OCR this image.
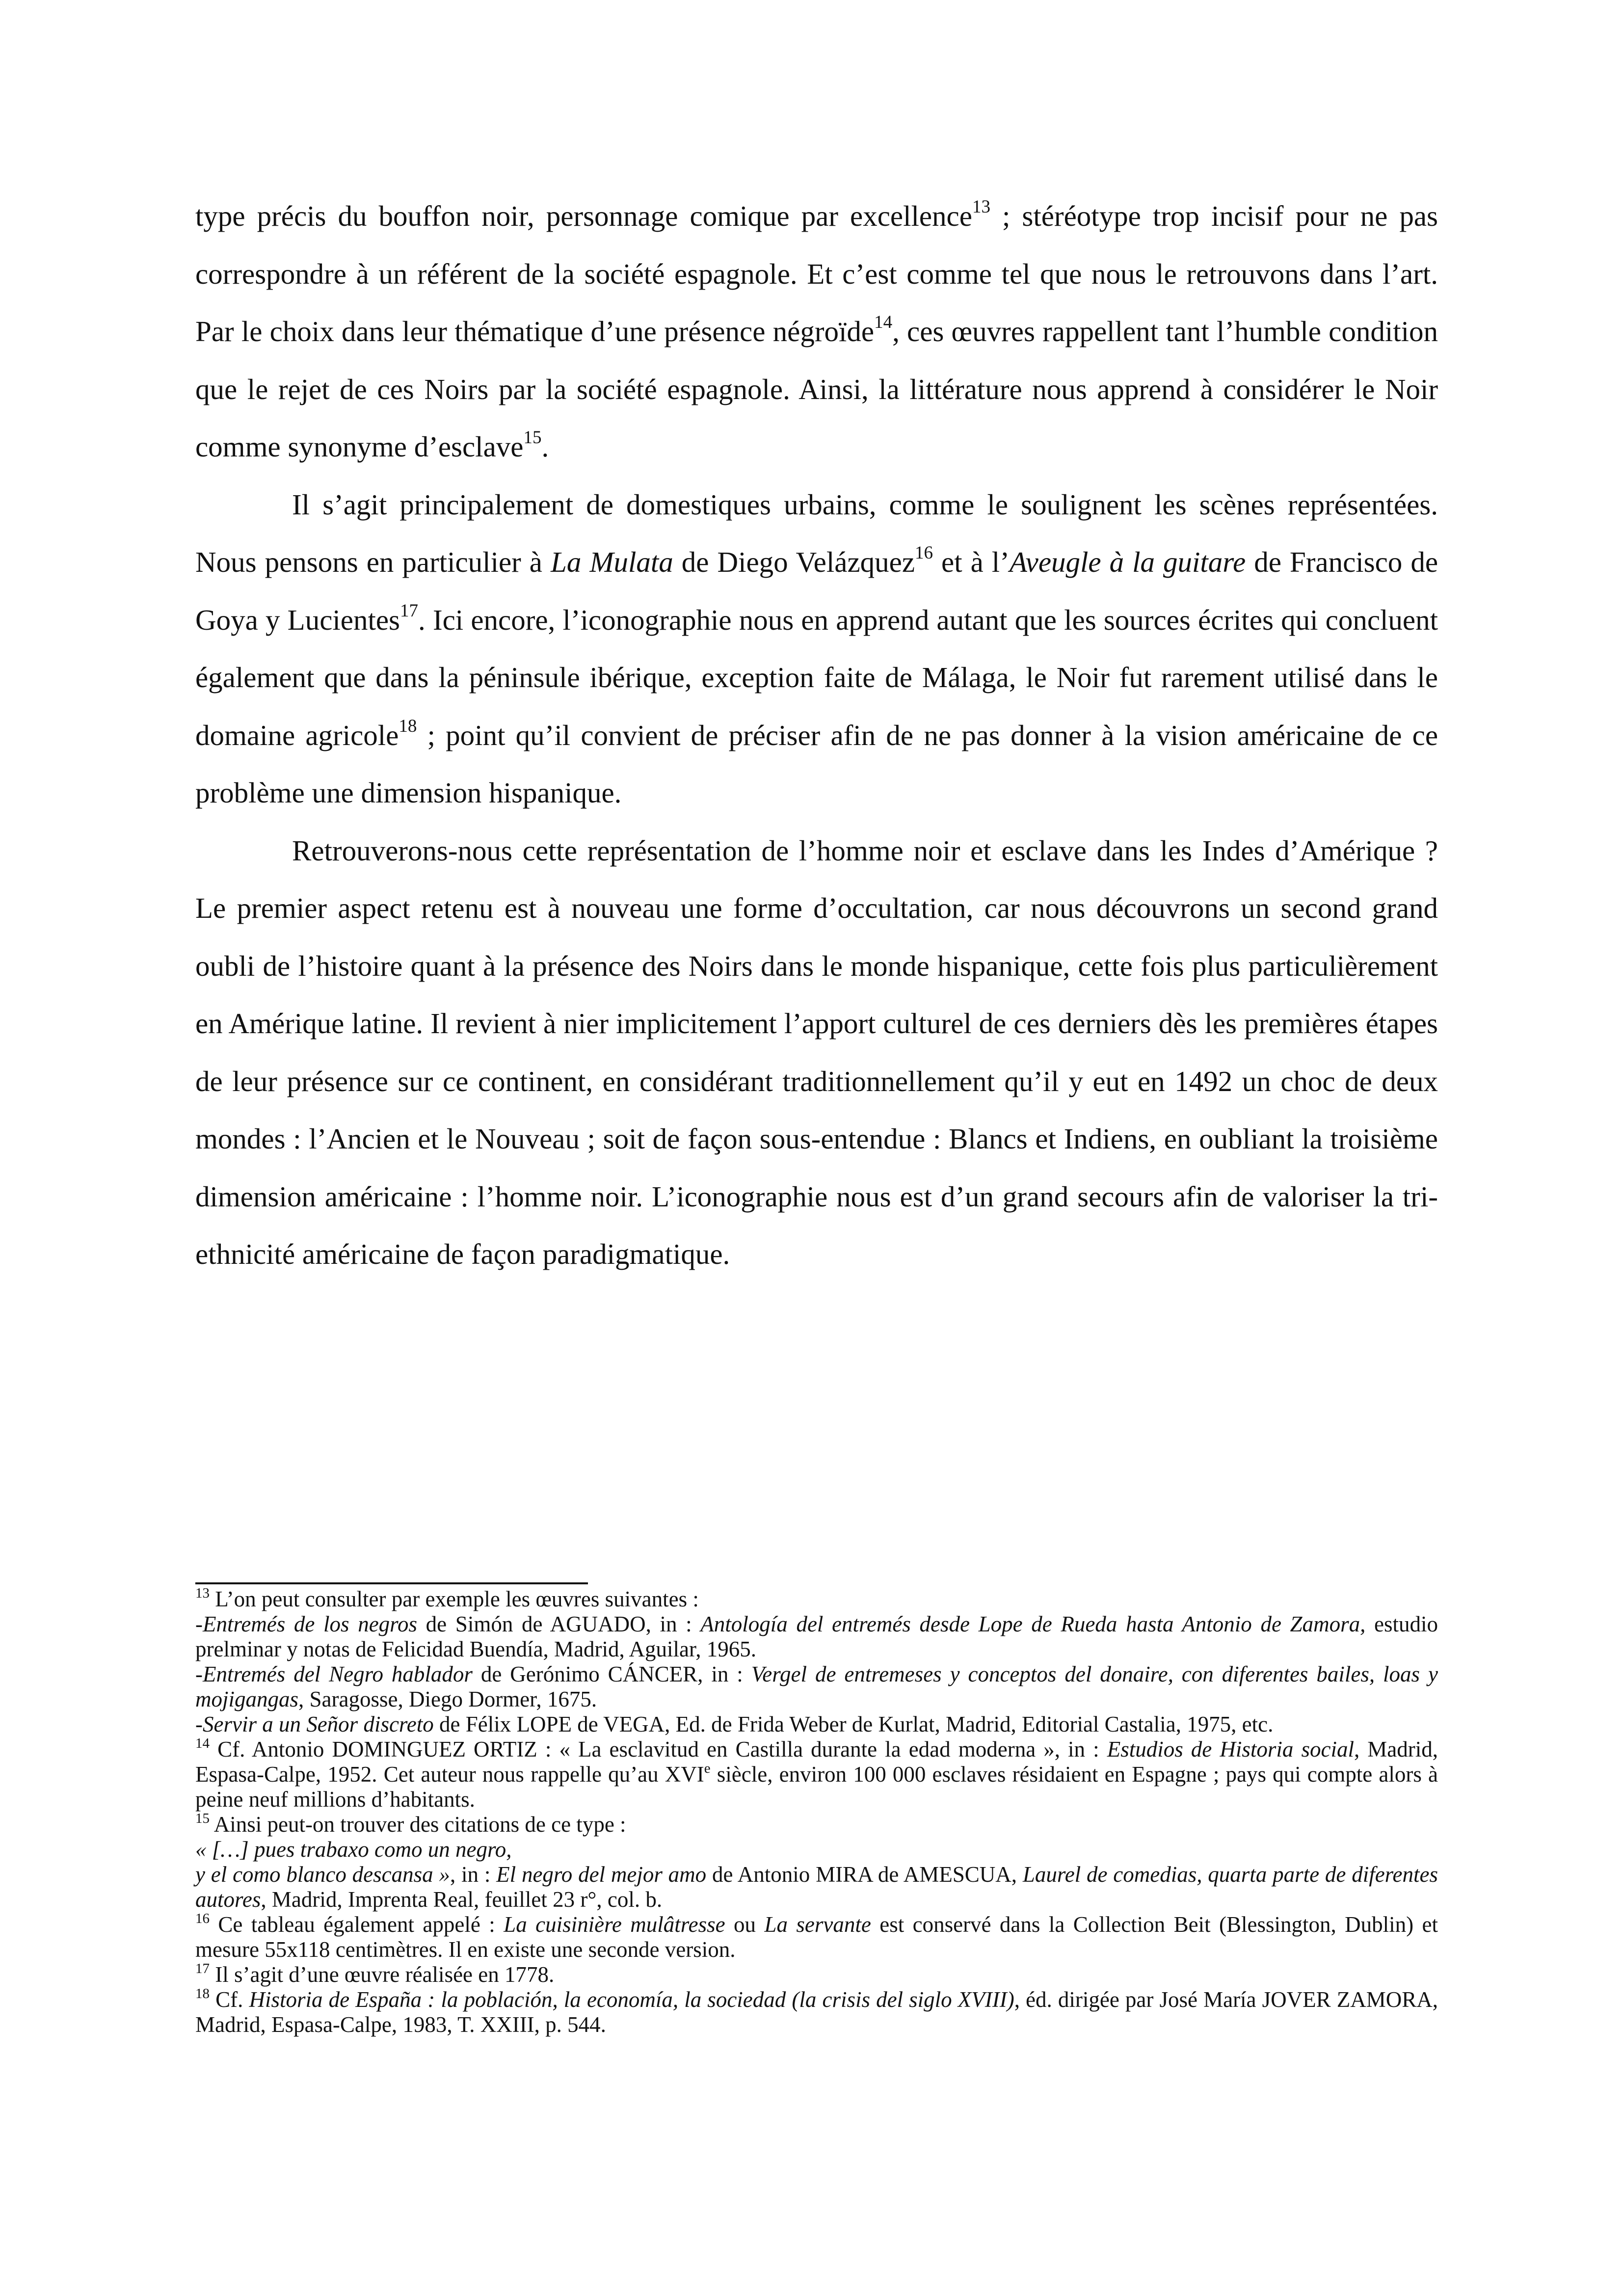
type précis du bouffon noir, personnage comique par excellence$^{13}$ ; stéréotype trop incisif pour ne pas correspondre à un référent de la société espagnole. Et c’est comme tel que nous le retrouvons dans l’art. Par le choix dans leur thématique d’une présence négroïde$^{14}$, ces œuvres rappellent tant l’humble condition que le rejet de ces Noirs par la société espagnole. Ainsi, la littérature nous apprend à considérer le Noir comme synonyme d’esclave$^{15}$.

Il s’agit principalement de domestiques urbains, comme le soulignent les scènes représentées. Nous pensons en particulier à La Mulata de Diego Velázquez$^{16}$ et à l’Aveugle à la guitare de Francisco de Goya y Lucientes$^{17}$. Ici encore, l’iconographie nous en apprend autant que les sources écrites qui concluent également que dans la péninsule ibérique, exception faite de Málaga, le Noir fut rarement utilisé dans le domaine agricole$^{18}$ ; point qu’il convient de préciser afin de ne pas donner à la vision américaine de ce problème une dimension hispanique.

Retrouverons-nous cette représentation de l’homme noir et esclave dans les Indes d’Amérique ? Le premier aspect retenu est à nouveau une forme d’occultation, car nous découvrons un second grand oubli de l’histoire quant à la présence des Noirs dans le monde hispanique, cette fois plus particulièrement en Amérique latine. Il revient à nier implicitement l’apport culturel de ces derniers dès les premières étapes de leur présence sur ce continent, en considérant traditionnellement qu’il y eut en 1492 un choc de deux mondes : l’Ancien et le Nouveau ; soit de façon sous-entendue : Blancs et Indiens, en oubliant la troisième dimension américaine : l’homme noir. L’iconographie nous est d’un grand secours afin de valoriser la tri-ethnicité américaine de façon paradigmatique.

$^{13}$ L’on peut consulter par exemple les œuvres suivantes :

-Entremés de los negros de Simón de AGUADO, in : Antología del entremés desde Lope de Rueda hasta Antonio de Zamora, estudio prelminar y notas de Felicidad Buendía, Madrid, Aguilar, 1965.

-Entremés del Negro hablador de Gerónimo CÁNCER, in : Vergel de entremeses y conceptos del donaire, con diferentes bailes, loas y mojigangas, Saragosse, Diego Dormer, 1675.

-Servir a un Señor discreto de Félix LOPE de VEGA, Ed. de Frida Weber de Kurlat, Madrid, Editorial Castalia, 1975, etc.

$^{14}$ Cf. Antonio DOMINGUEZ ORTIZ : « La esclavitud en Castilla durante la edad moderna », in : Estudios de Historia social, Madrid, Espasa-Calpe, 1952. Cet auteur nous rappelle qu’au XVIe siècle, environ 100 000 esclaves résidaient en Espagne ; pays qui compte alors à peine neuf millions d’habitants.

$^{15}$ Ainsi peut-on trouver des citations de ce type :

« […] pues trabaxo como un negro,

y el como blanco descansa », in : El negro del mejor amo de Antonio MIRA de AMESCUA, Laurel de comedias, quarta parte de diferentes autores, Madrid, Imprenta Real, feuillet 23 r°, col. b.

$^{16}$ Ce tableau également appelé : La cuisinière mulâtresse ou La servante est conservé dans la Collection Beit (Blessington, Dublin) et mesure 55x118 centimètres. Il en existe une seconde version.

$^{17}$ Il s’agit d’une œuvre réalisée en 1778.

$^{18}$ Cf. Historia de España : la población, la economía, la sociedad (la crisis del siglo XVIII), éd. dirigée par José María JOVER ZAMORA, Madrid, Espasa-Calpe, 1983, T. XXIII, p. 544.
